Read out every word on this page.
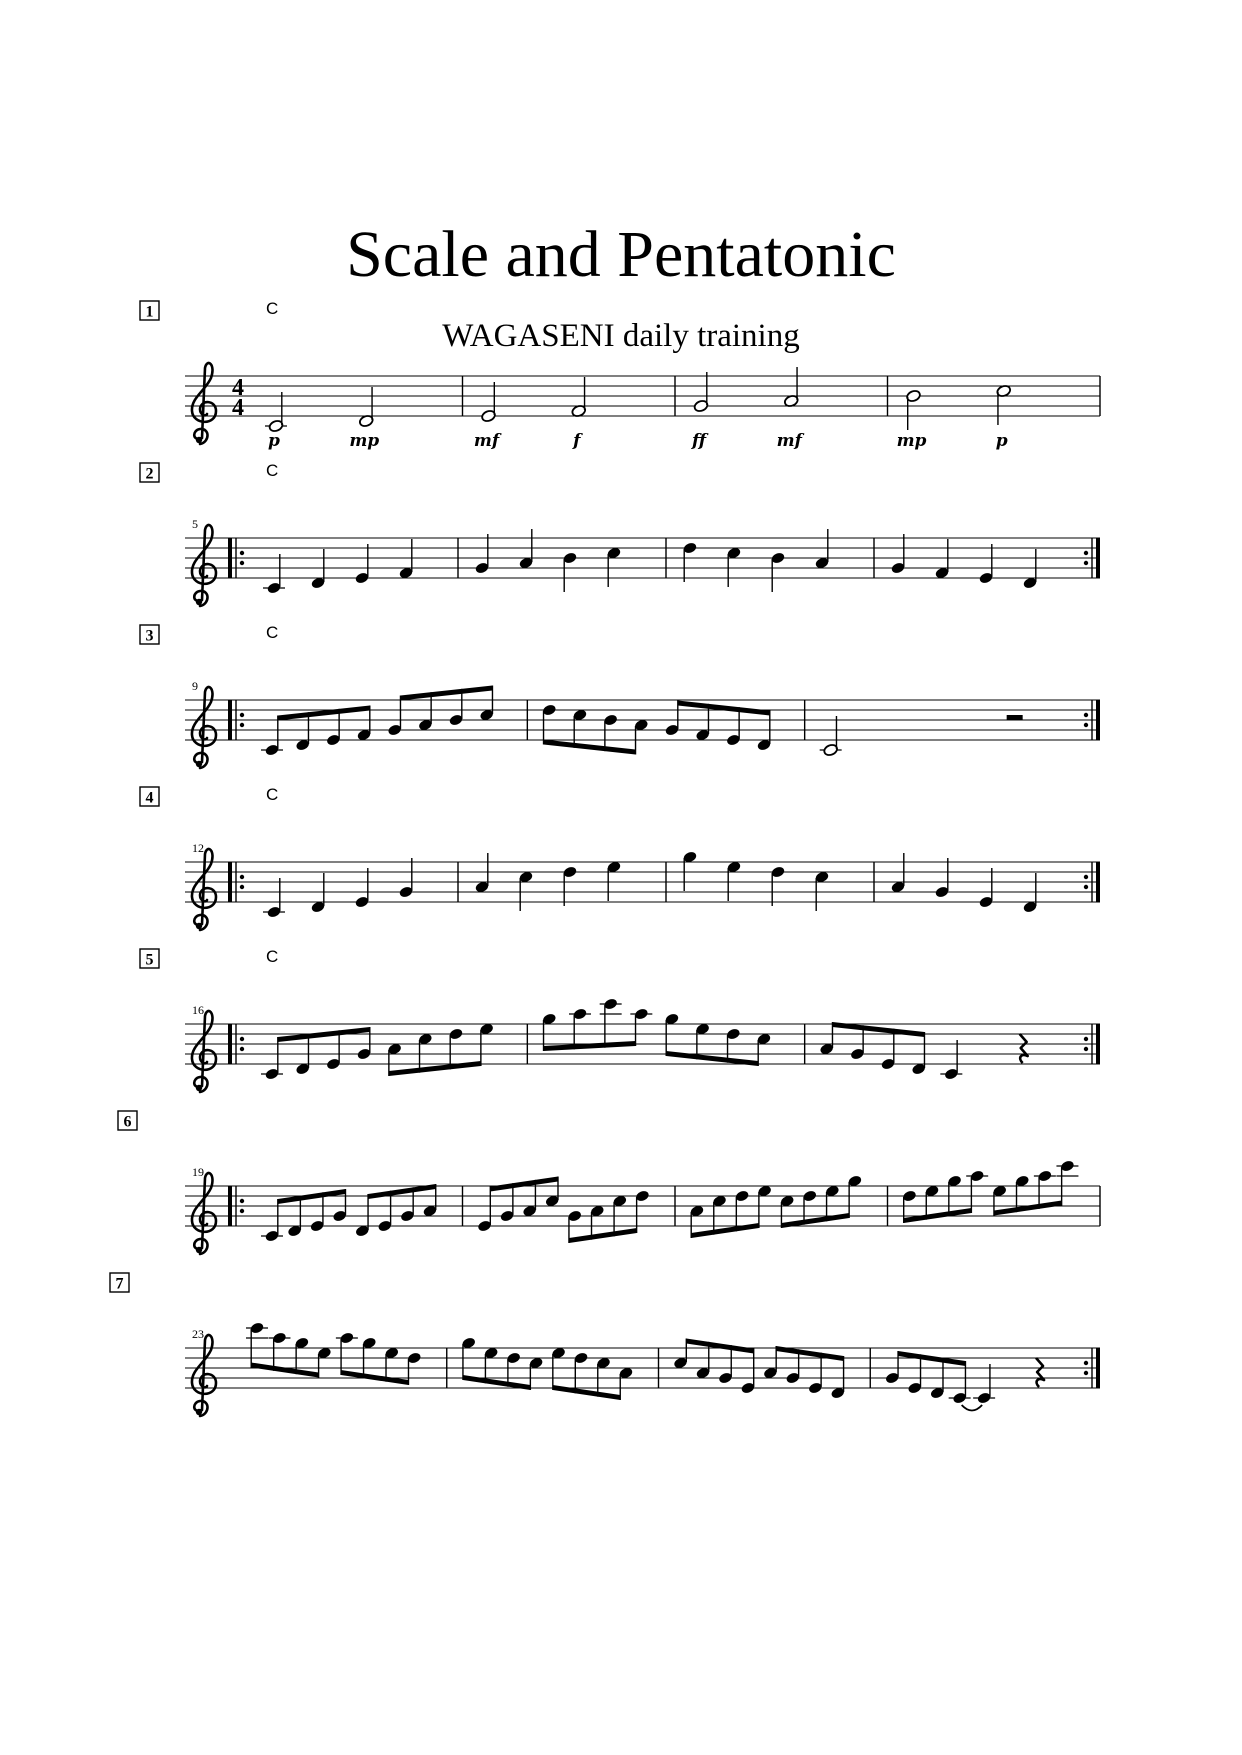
Scale and Pentatonic
WAGASENI daily training
1	C
4
4
p	mp	mf	f	ff	mf	mp	p
2	C
5
3	C
9
4	C
12
5	C
16
6
19
7
23
